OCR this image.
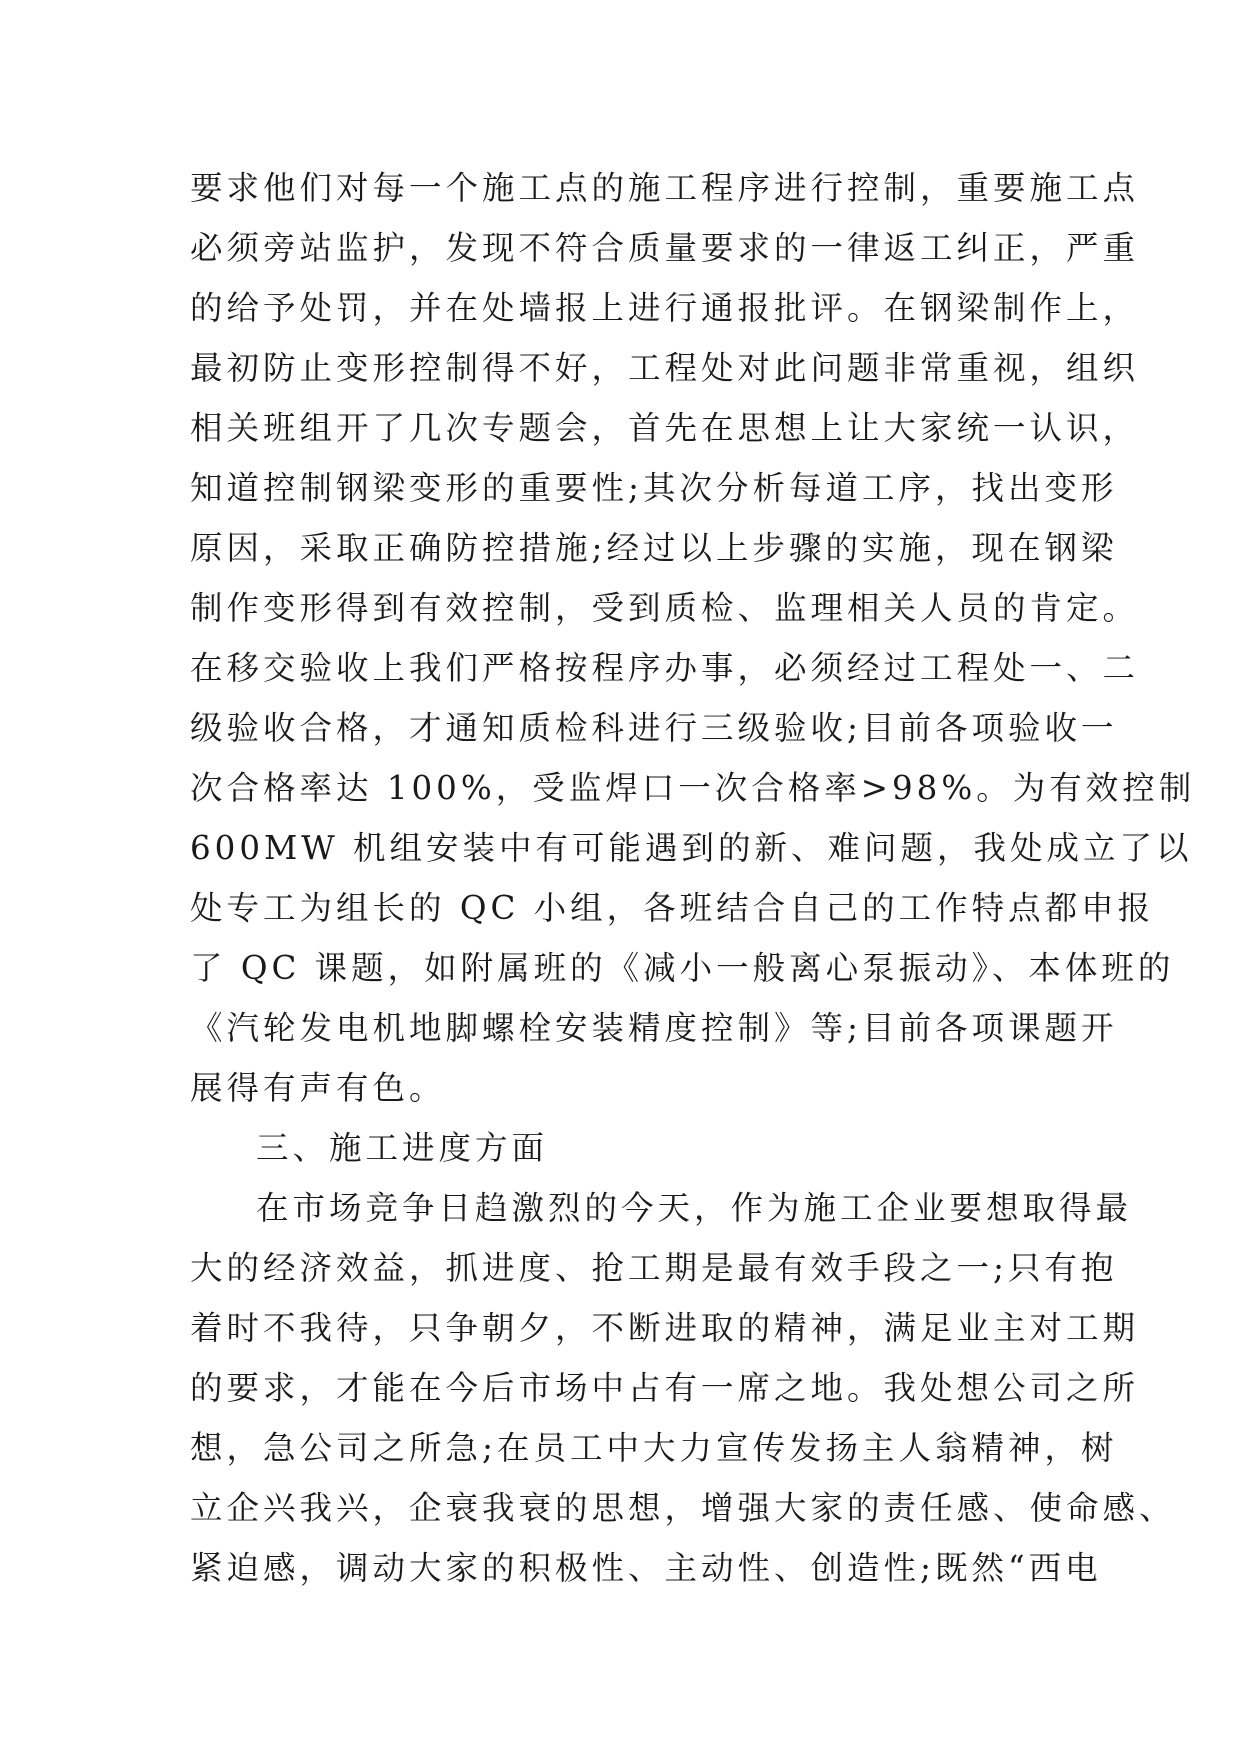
要求他们对每一个施工点的施工程序进行控制，重要施工点
必须旁站监护，发现不符合质量要求的一律返工纠正，严重
的给予处罚，并在处墙报上进行通报批评。在钢梁制作上，
最初防止变形控制得不好，工程处对此问题非常重视，组织
相关班组开了几次专题会，首先在思想上让大家统一认识，
知道控制钢梁变形的重要性;其次分析每道工序，找出变形
原因，采取正确防控措施;经过以上步骤的实施，现在钢梁
制作变形得到有效控制，受到质检、监理相关人员的肯定。
在移交验收上我们严格按程序办事，必须经过工程处一、二
级验收合格，才通知质检科进行三级验收;目前各项验收一
次合格率达 100%，受监焊口一次合格率>98%。为有效控制
600MW 机组安装中有可能遇到的新、难问题，我处成立了以
处专工为组长的 QC 小组，各班结合自己的工作特点都申报
了 QC 课题，如附属班的《减小一般离心泵振动》、本体班的
《汽轮发电机地脚螺栓安装精度控制》等;目前各项课题开
展得有声有色。
三、施工进度方面
在市场竞争日趋激烈的今天，作为施工企业要想取得最
大的经济效益，抓进度、抢工期是最有效手段之一;只有抱
着时不我待，只争朝夕，不断进取的精神，满足业主对工期
的要求，才能在今后市场中占有一席之地。我处想公司之所
想，急公司之所急;在员工中大力宣传发扬主人翁精神，树
立企兴我兴，企衰我衰的思想，增强大家的责任感、使命感、
紧迫感，调动大家的积极性、主动性、创造性;既然“西电
